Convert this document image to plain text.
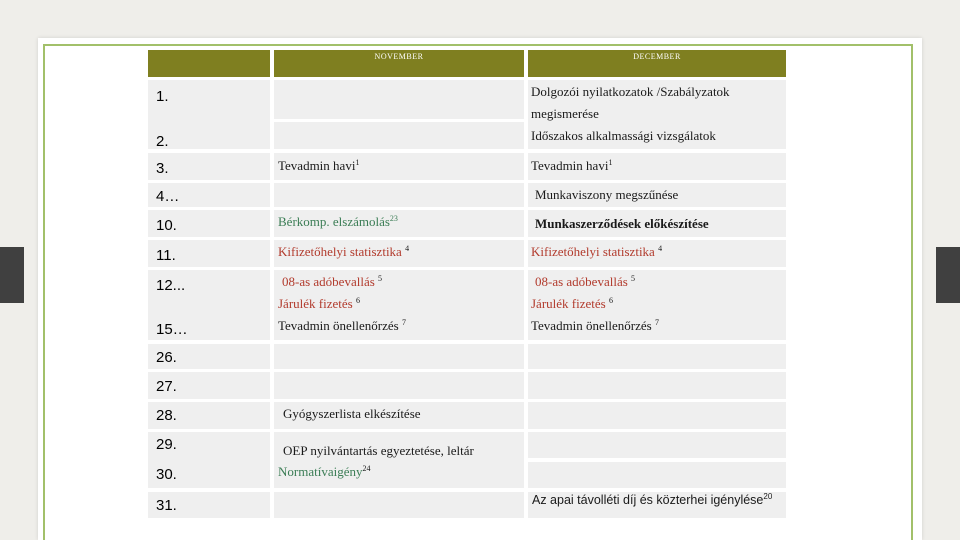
NOVEMBER	DECEMBER
1.
2.
3.
4…
10.
11.
12...
15…
26.
27.
28.
29.
30.
31.
Tevadmin havi$^1$
Bérkomp. elszámolás$^{23}$
Kifizetőhelyi statisztika $^4$
08-as adóbevallás $^5$
Járulék fizetés $^6$
Tevadmin önellenőrzés $^7$
Gyógyszerlista elkészítése
OEP nyilvántartás egyeztetése, leltár
Normatívaigény$^{24}$
Dolgozói nyilatkozatok /Szabályzatok
megismerése
Időszakos alkalmassági vizsgálatok
Tevadmin havi$^1$
Munkaviszony megszűnése
Munkaszerződések előkészítése
Kifizetőhelyi statisztika $^4$
08-as adóbevallás $^5$
Járulék fizetés $^6$
Tevadmin önellenőrzés $^7$
Az apai távolléti díj és közterhei igénylése$^{20}$
